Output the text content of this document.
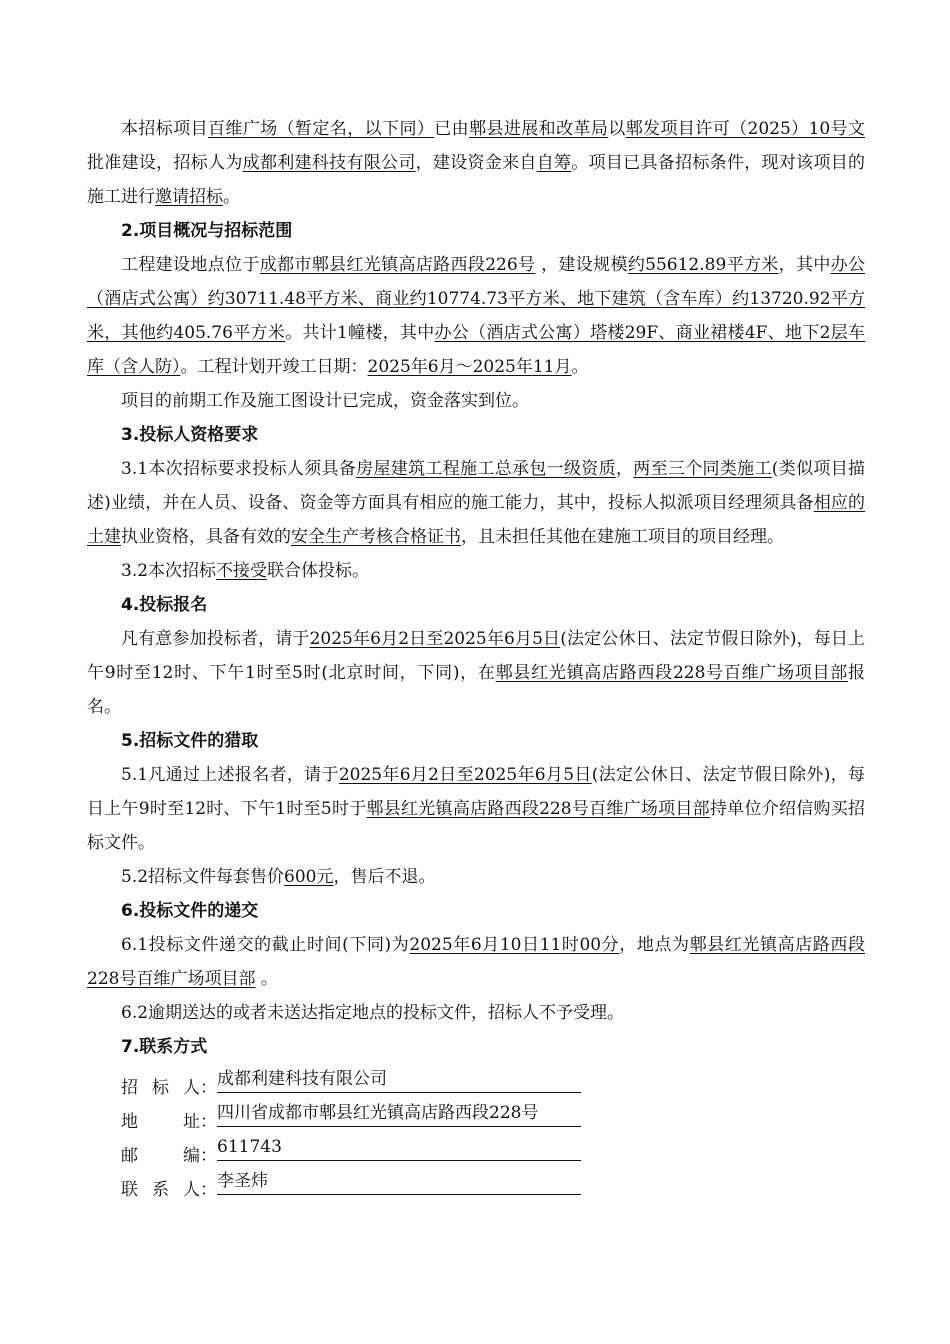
本招标项目百维广场（暂定名，以下同）已由郫县进展和改革局以郫发项目许可（2025）10号文批准建设，招标人为成都利建科技有限公司，建设资金来自自筹。项目已具备招标条件，现对该项目的施工进行邀请招标。

2.项目概况与招标范围

工程建设地点位于成都市郫县红光镇高店路西段226号 ，建设规模约55612.89平方米，其中办公（酒店式公寓）约30711.48平方米、商业约10774.73平方米、地下建筑（含车库）约13720.92平方米，其他约405.76平方米。共计1幢楼，其中办公（酒店式公寓）塔楼29F、商业裙楼4F、地下2层车库（含人防）。工程计划开竣工日期：2025年6月～2025年11月。

项目的前期工作及施工图设计已完成，资金落实到位。

3.投标人资格要求

3.1本次招标要求投标人须具备房屋建筑工程施工总承包一级资质，两至三个同类施工(类似项目描述)业绩，并在人员、设备、资金等方面具有相应的施工能力，其中，投标人拟派项目经理须具备相应的土建执业资格，具备有效的安全生产考核合格证书，且未担任其他在建施工项目的项目经理。

3.2本次招标不接受联合体投标。

4.投标报名

凡有意参加投标者，请于2025年6月2日至2025年6月5日(法定公休日、法定节假日除外)，每日上午9时至12时、下午1时至5时(北京时间，下同)，在郫县红光镇高店路西段228号百维广场项目部报名。

5.招标文件的猎取

5.1凡通过上述报名者，请于2025年6月2日至2025年6月5日(法定公休日、法定节假日除外)，每日上午9时至12时、下午1时至5时于郫县红光镇高店路西段228号百维广场项目部持单位介绍信购买招标文件。

5.2招标文件每套售价600元，售后不退。

6.投标文件的递交

6.1投标文件递交的截止时间(下同)为2025年6月10日11时00分，地点为郫县红光镇高店路西段228号百维广场项目部 。

6.2逾期送达的或者未送达指定地点的投标文件，招标人不予受理。

7.联系方式
招 标 人： 成都利建科技有限公司
地	址： 四川省成都市郫县红光镇高店路西段228号
邮	编： 611743
联 系 人： 李圣炜
